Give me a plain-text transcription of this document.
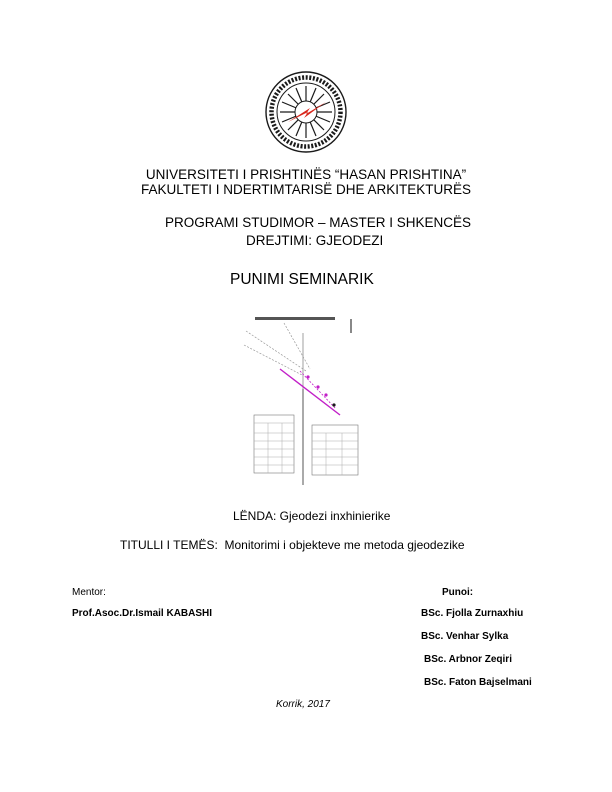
UNIVERSITETI I PRISHTINËS “HASAN PRISHTINA”
FAKULTETI I NDERTIMTARISË DHE ARKITEKTURËS
PROGRAMI STUDIMOR – MASTER I SHKENCËS
DREJTIMI: GJEODEZI
PUNIMI SEMINARIK
LËNDA: Gjeodezi inxhinierike
TITULLI I TEMËS: Monitorimi i objekteve me metoda gjeodezike
Mentor:	Punoi:
Prof.Asoc.Dr.Ismail KABASHI	BSc. Fjolla Zurnaxhiu
BSc. Venhar Sylka
BSc. Arbnor Zeqiri
BSc. Faton Bajselmani
Korrik, 2017
